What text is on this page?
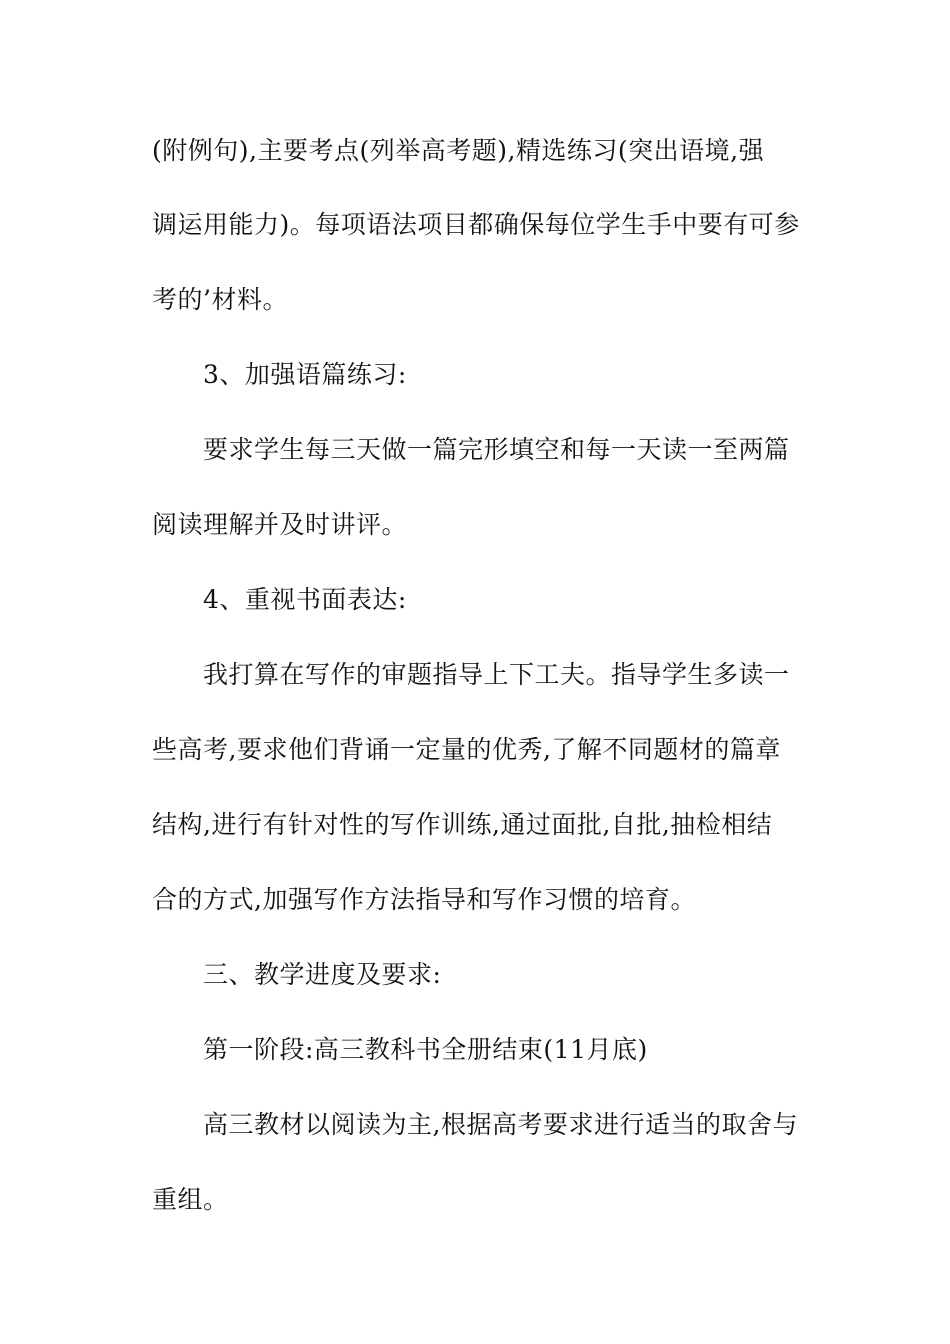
(附例句),主要考点(列举高考题),精选练习(突出语境,强
调运用能力)。每项语法项目都确保每位学生手中要有可参
考的’材料。
3、加强语篇练习:
要求学生每三天做一篇完形填空和每一天读一至两篇
阅读理解并及时讲评。
4、重视书面表达:
我打算在写作的审题指导上下工夫。指导学生多读一
些高考,要求他们背诵一定量的优秀,了解不同题材的篇章
结构,进行有针对性的写作训练,通过面批,自批,抽检相结
合的方式,加强写作方法指导和写作习惯的培育。
三、教学进度及要求:
第一阶段:高三教科书全册结束(11月底)
高三教材以阅读为主,根据高考要求进行适当的取舍与
重组。
